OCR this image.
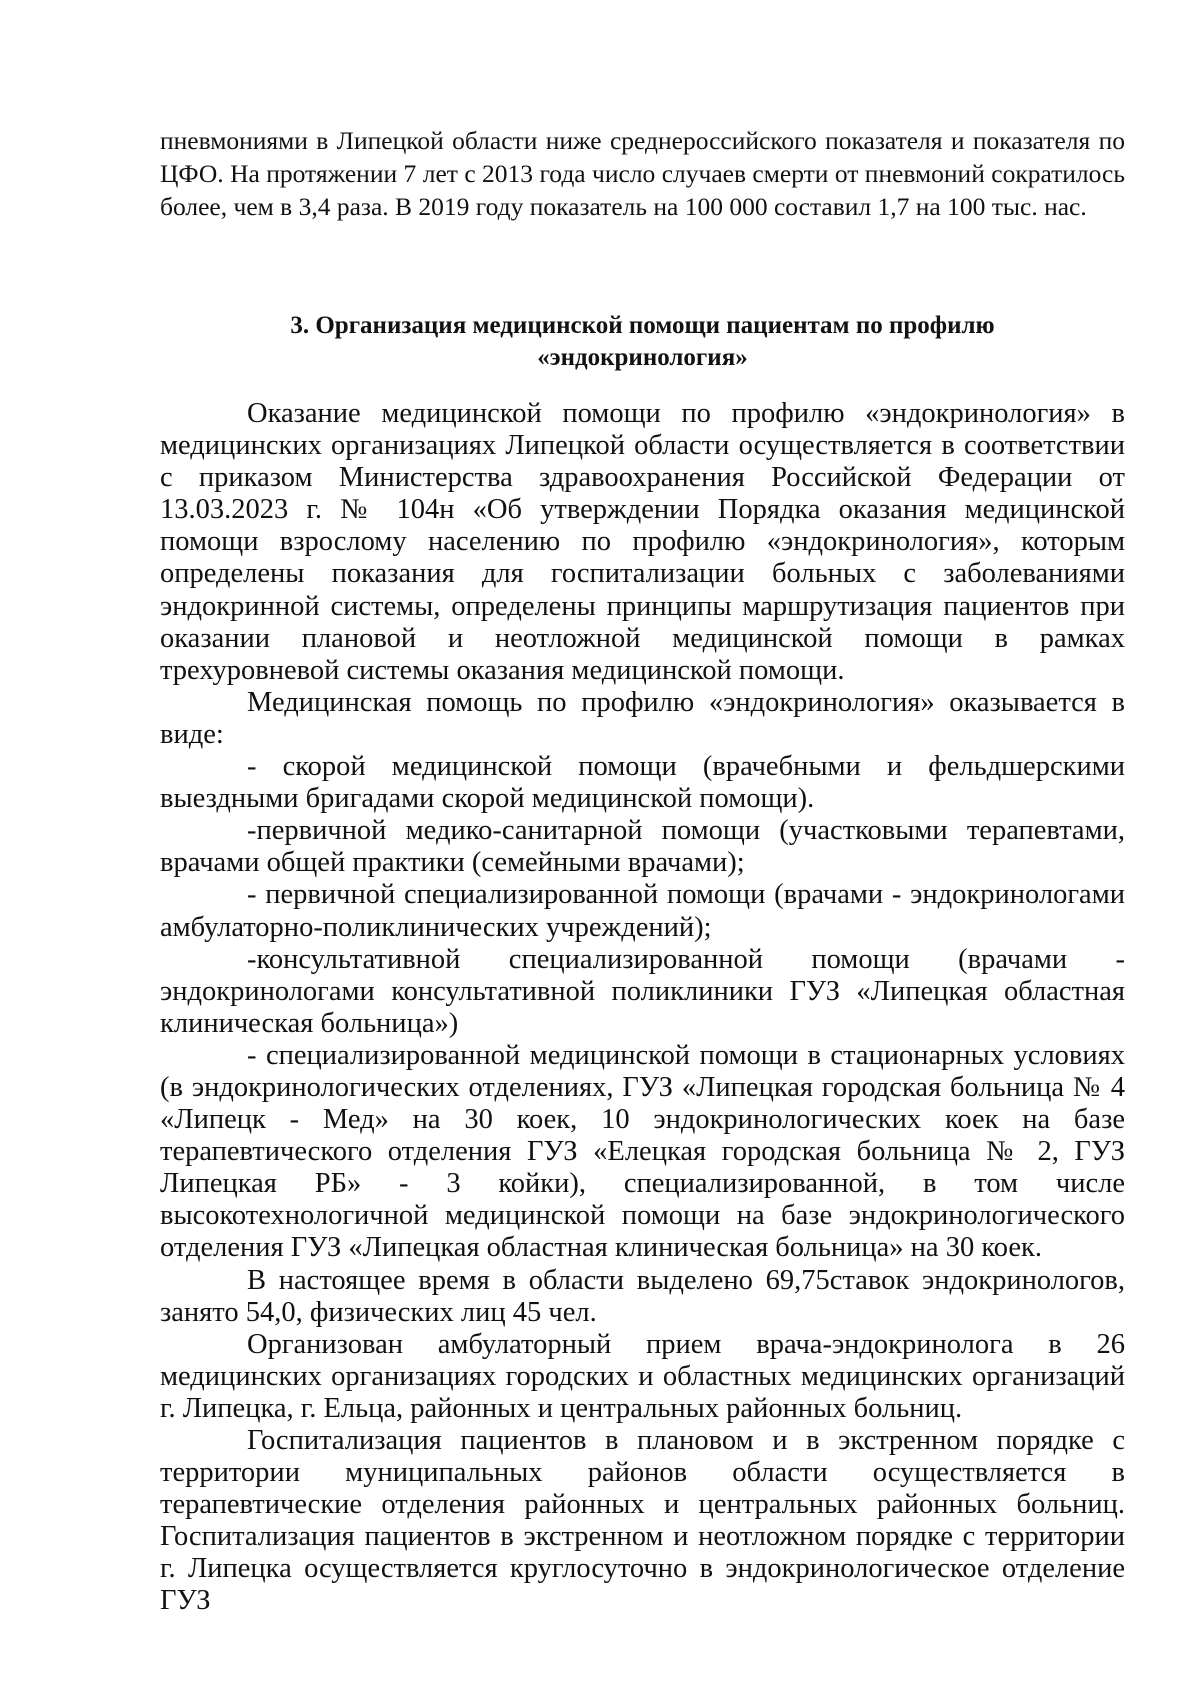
пневмониями в Липецкой области ниже среднероссийского показателя и показателя по ЦФО. На протяжении 7 лет с 2013 года число случаев смерти от пневмоний сократилось более, чем в 3,4 раза. В 2019 году показатель на 100 000 составил 1,7 на 100 тыс. нас.

3. Организация медицинской помощи пациентам по профилю
«эндокринология»

Оказание медицинской помощи по профилю «эндокринология» в медицинских организациях Липецкой области осуществляется в соответствии с приказом Министерства здравоохранения Российской Федерации от 13.03.2023 г. № 104н «Об утверждении Порядка оказания медицинской помощи взрослому населению по профилю «эндокринология», которым определены показания для госпитализации больных с заболеваниями эндокринной системы, определены принципы маршрутизация пациентов при оказании плановой и неотложной медицинской помощи в рамках трехуровневой системы оказания медицинской помощи.

Медицинская помощь по профилю «эндокринология» оказывается в виде:

- скорой медицинской помощи (врачебными и фельдшерскими выездными бригадами скорой медицинской помощи).

-первичной медико-санитарной помощи (участковыми терапевтами, врачами общей практики (семейными врачами);

- первичной специализированной помощи (врачами - эндокринологами амбулаторно-поликлинических учреждений);

-консультативной специализированной помощи (врачами - эндокринологами консультативной поликлиники ГУЗ «Липецкая областная клиническая больница»)

- специализированной медицинской помощи в стационарных условиях (в эндокринологических отделениях, ГУЗ «Липецкая городская больница № 4 «Липецк - Мед» на 30 коек, 10 эндокринологических коек на базе терапевтического отделения ГУЗ «Елецкая городская больница № 2, ГУЗ Липецкая РБ» - 3 койки), специализированной, в том числе высокотехнологичной медицинской помощи на базе эндокринологического отделения ГУЗ «Липецкая областная клиническая больница» на 30 коек.

В настоящее время в области выделено 69,75ставок эндокринологов, занято 54,0, физических лиц 45 чел.

Организован амбулаторный прием врача-эндокринолога в 26 медицинских организациях городских и областных медицинских организаций г. Липецка, г. Ельца, районных и центральных районных больниц.

Госпитализация пациентов в плановом и в экстренном порядке с территории муниципальных районов области осуществляется в терапевтические отделения районных и центральных районных больниц. Госпитализация пациентов в экстренном и неотложном порядке с территории г. Липецка осуществляется круглосуточно в эндокринологическое отделение ГУЗ
